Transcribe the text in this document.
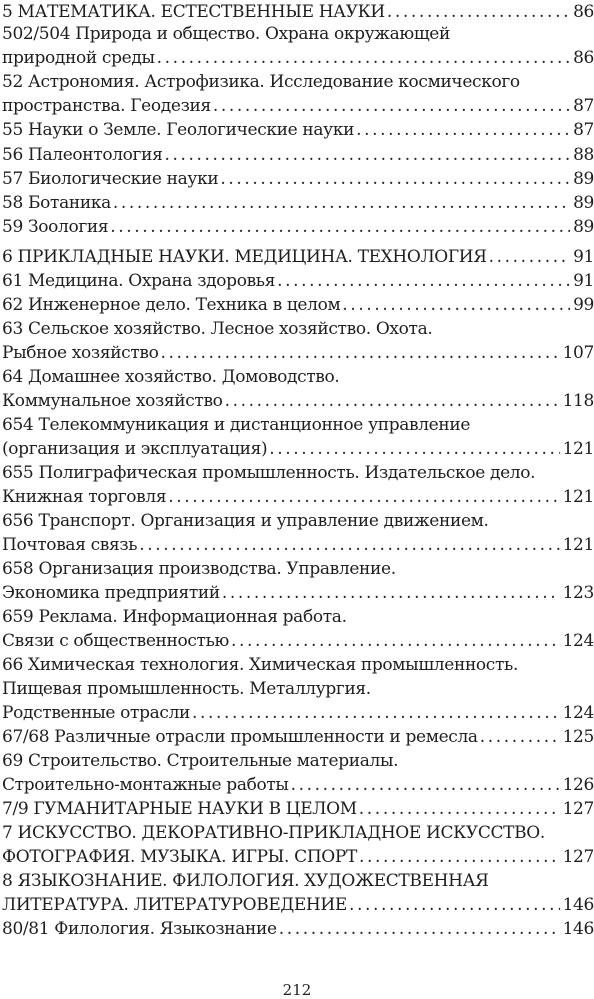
5 МАТЕМАТИКА. ЕСТЕСТВЕННЫЕ НАУКИ . . .	86
502/504 Природа и общество. Охрана окружающей
природной среды . . .	86
52 Астрономия. Астрофизика. Исследование космического
пространства. Геодезия . . .	87
55 Науки о Земле. Геологические науки . . .	87
56 Палеонтология . . .	88
57 Биологические науки . . .	89
58 Ботаника . . .	89
59 Зоология . . .	89
6 ПРИКЛАДНЫЕ НАУКИ. МЕДИЦИНА. ТЕХНОЛОГИЯ . . .	91
61 Медицина. Охрана здоровья . . .	91
62 Инженерное дело. Техника в целом . . .	99
63 Сельское хозяйство. Лесное хозяйство. Охота.
Рыбное хозяйство . . .	107
64 Домашнее хозяйство. Домоводство.
Коммунальное хозяйство . . .	118
654 Телекоммуникация и дистанционное управление
(организация и эксплуатация) . . .	121
655 Полиграфическая промышленность. Издательское дело.
Книжная торговля . . .	121
656 Транспорт. Организация и управление движением.
Почтовая связь . . .	121
658 Организация производства. Управление.
Экономика предприятий . . .	123
659 Реклама. Информационная работа.
Связи с общественностью . . .	124
66 Химическая технология. Химическая промышленность.
Пищевая промышленность. Металлургия.
Родственные отрасли . . .	124
67/68 Различные отрасли промышленности и ремесла . . .	125
69 Строительство. Строительные материалы.
Строительно-монтажные работы . . .	126
7/9 ГУМАНИТАРНЫЕ НАУКИ В ЦЕЛОМ . . .	127
7 ИСКУССТВО. ДЕКОРАТИВНО-ПРИКЛАДНОЕ ИСКУССТВО.
ФОТОГРАФИЯ. МУЗЫКА. ИГРЫ. СПОРТ . . .	127
8 ЯЗЫКОЗНАНИЕ. ФИЛОЛОГИЯ. ХУДОЖЕСТВЕННАЯ
ЛИТЕРАТУРА. ЛИТЕРАТУРОВЕДЕНИЕ . . .	146
80/81 Филология. Языкознание . . .	146
212
